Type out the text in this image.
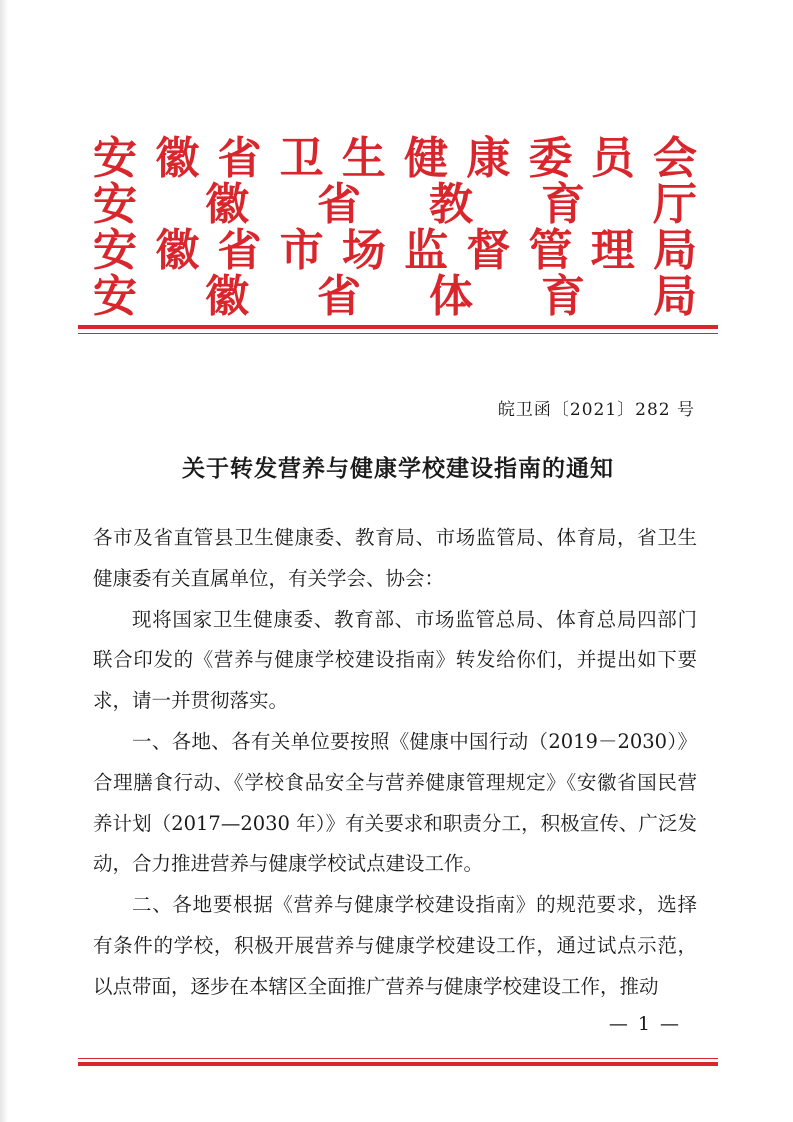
安 徽 省 卫 生 健 康 委 员 会
安 徽 省 教 育 厅
安 徽 省 市 场 监 督 管 理 局
安 徽 省 体 育 局
皖卫函〔2021〕282 号
关于转发营养与健康学校建设指南的通知

各市及省直管县卫生健康委、教育局、市场监管局、体育局，省卫生健康委有关直属单位，有关学会、协会：

现将国家卫生健康委、教育部、市场监管总局、体育总局四部门联合印发的《营养与健康学校建设指南》转发给你们，并提出如下要求，请一并贯彻落实。

一、各地、各有关单位要按照《健康中国行动（2019－2030）》合理膳食行动、《学校食品安全与营养健康管理规定》《安徽省国民营养计划（2017—2030 年）》有关要求和职责分工，积极宣传、广泛发动，合力推进营养与健康学校试点建设工作。

二、各地要根据《营养与健康学校建设指南》的规范要求，选择有条件的学校，积极开展营养与健康学校建设工作，通过试点示范，以点带面，逐步在本辖区全面推广营养与健康学校建设工作，推动

— 1 —
